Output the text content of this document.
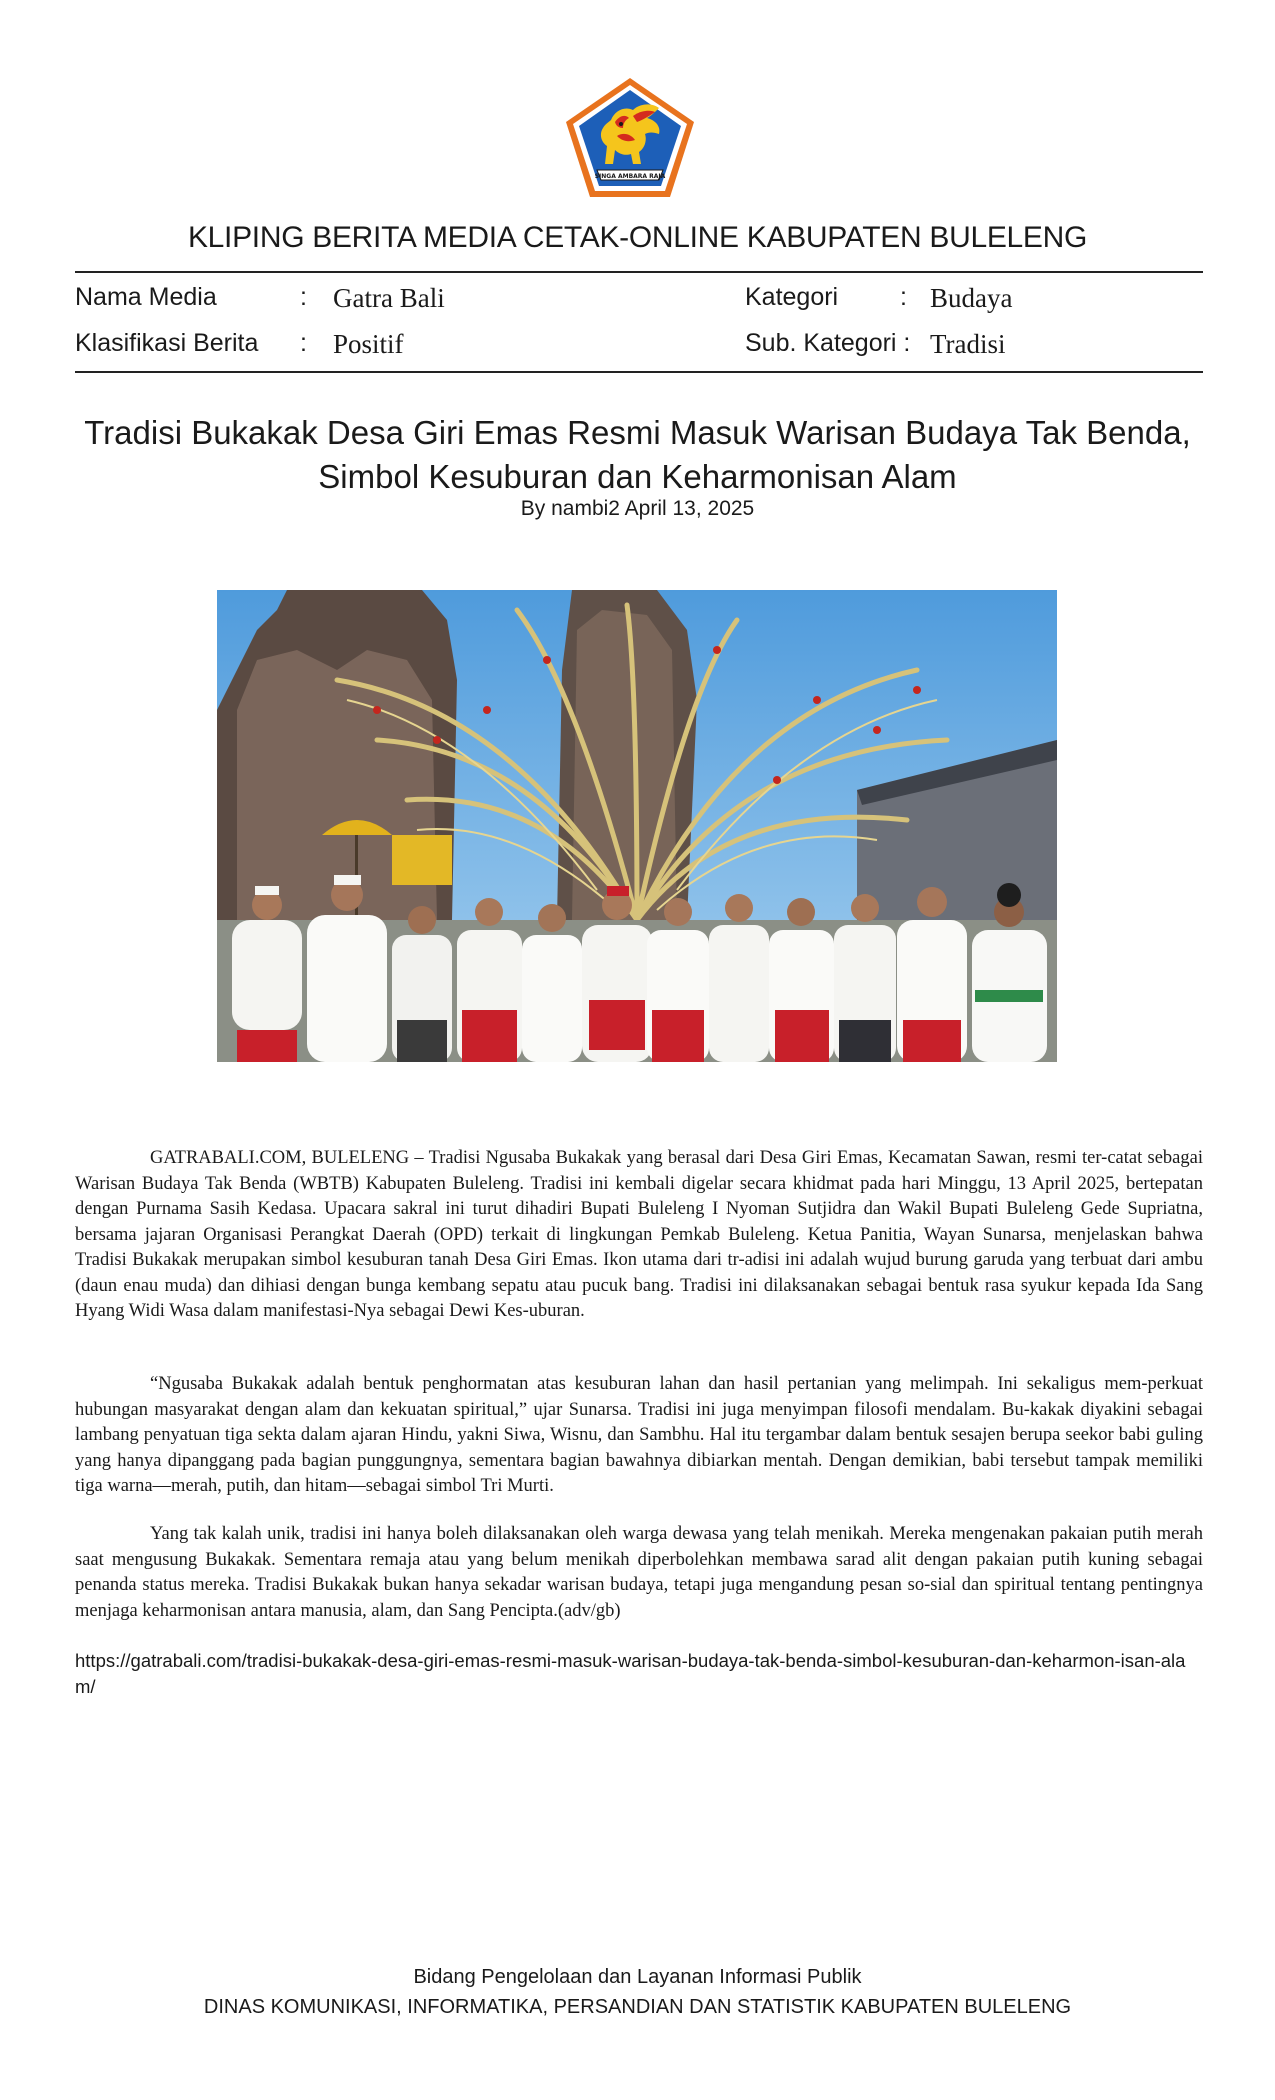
SINGA AMBARA RAJA
KLIPING BERITA MEDIA CETAK-ONLINE KABUPATEN BULELENG
Nama Media	: Gatra Bali	Kategori : Budaya
Klasifikasi Berita : Positif	Sub. Kategori : Tradisi
Tradisi Bukakak Desa Giri Emas Resmi Masuk Warisan Budaya Tak Benda,
Simbol Kesuburan dan Keharmonisan Alam
By nambi2 April 13, 2025

GATRABALI.COM, BULELENG – Tradisi Ngusaba Bukakak yang berasal dari Desa Giri Emas, Kecamatan Sawan, resmi ter-catat sebagai Warisan Budaya Tak Benda (WBTB) Kabupaten Buleleng. Tradisi ini kembali digelar secara khidmat pada hari Minggu, 13 April 2025, bertepatan dengan Purnama Sasih Kedasa. Upacara sakral ini turut dihadiri Bupati Buleleng I Nyoman Sutjidra dan Wakil Bupati Buleleng Gede Supriatna, bersama jajaran Organisasi Perangkat Daerah (OPD) terkait di lingkungan Pemkab Buleleng. Ketua Panitia, Wayan Sunarsa, menjelaskan bahwa Tradisi Bukakak merupakan simbol kesuburan tanah Desa Giri Emas. Ikon utama dari tr-adisi ini adalah wujud burung garuda yang terbuat dari ambu (daun enau muda) dan dihiasi dengan bunga kembang sepatu atau pucuk bang. Tradisi ini dilaksanakan sebagai bentuk rasa syukur kepada Ida Sang Hyang Widi Wasa dalam manifestasi-Nya sebagai Dewi Kes-uburan.

“Ngusaba Bukakak adalah bentuk penghormatan atas kesuburan lahan dan hasil pertanian yang melimpah. Ini sekaligus mem-perkuat hubungan masyarakat dengan alam dan kekuatan spiritual,” ujar Sunarsa. Tradisi ini juga menyimpan filosofi mendalam. Bu-kakak diyakini sebagai lambang penyatuan tiga sekta dalam ajaran Hindu, yakni Siwa, Wisnu, dan Sambhu. Hal itu tergambar dalam bentuk sesajen berupa seekor babi guling yang hanya dipanggang pada bagian punggungnya, sementara bagian bawahnya dibiarkan mentah. Dengan demikian, babi tersebut tampak memiliki tiga warna—merah, putih, dan hitam—sebagai simbol Tri Murti.

Yang tak kalah unik, tradisi ini hanya boleh dilaksanakan oleh warga dewasa yang telah menikah. Mereka mengenakan pakaian putih merah saat mengusung Bukakak. Sementara remaja atau yang belum menikah diperbolehkan membawa sarad alit dengan pakaian putih kuning sebagai penanda status mereka. Tradisi Bukakak bukan hanya sekadar warisan budaya, tetapi juga mengandung pesan so-sial dan spiritual tentang pentingnya menjaga keharmonisan antara manusia, alam, dan Sang Pencipta.(adv/gb)

https://gatrabali.com/tradisi-bukakak-desa-giri-emas-resmi-masuk-warisan-budaya-tak-benda-simbol-kesuburan-dan-keharmon-isan-alam/

Bidang Pengelolaan dan Layanan Informasi Publik
DINAS KOMUNIKASI, INFORMATIKA, PERSANDIAN DAN STATISTIK KABUPATEN BULELENG
